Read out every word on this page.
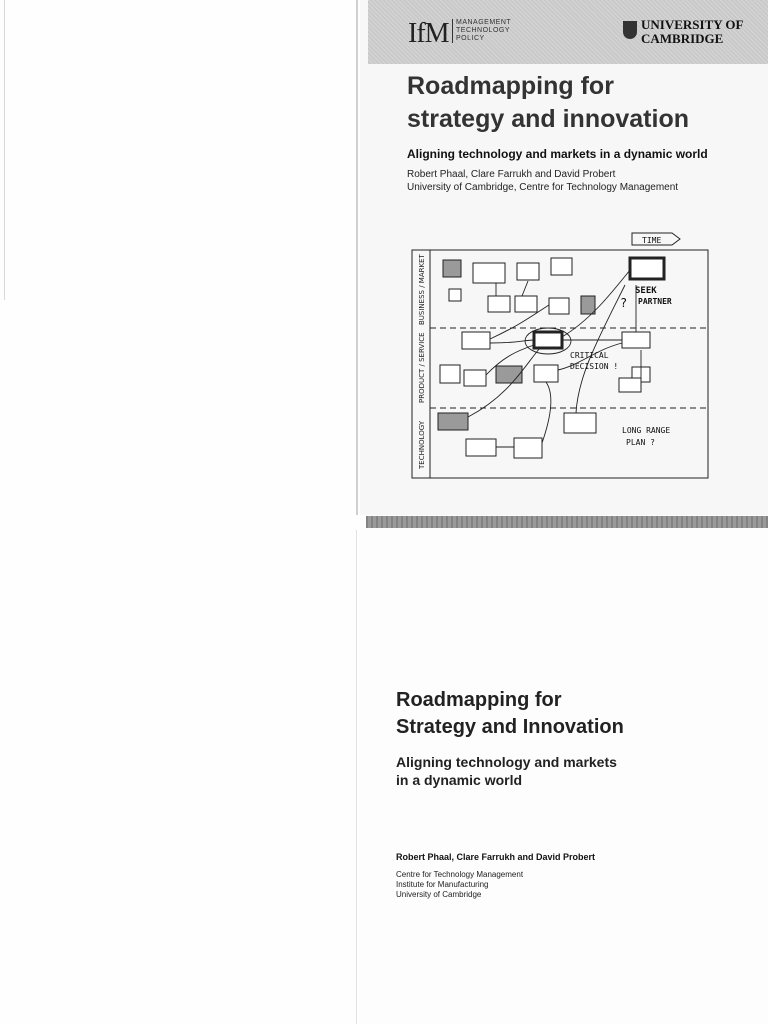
IfM MANAGEMENT
TECHNOLOGY
POLICY
UNIVERSITY OF
CAMBRIDGE
Roadmapping for
strategy and innovation
Aligning technology and markets in a dynamic world
Robert Phaal, Clare Farrukh and David Probert
University of Cambridge, Centre for Technology Management
TIME
BUSINESS / MARKET
PRODUCT / SERVICE
TECHNOLOGY
?
SEEK
PARTNER
CRITICAL
DECISION !
LONG RANGE
PLAN ?
Roadmapping for
Strategy and Innovation
Aligning technology and markets
in a dynamic world
Robert Phaal, Clare Farrukh and David Probert
Centre for Technology Management
Institute for Manufacturing
University of Cambridge
